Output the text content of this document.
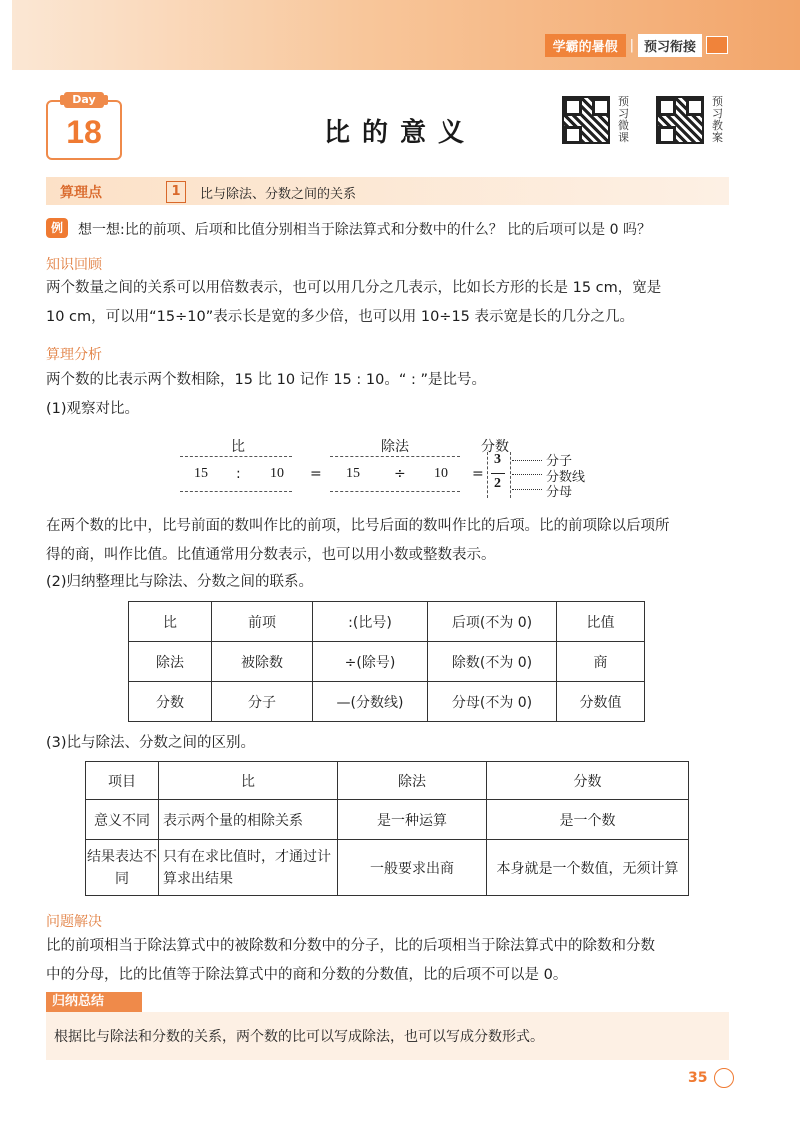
学霸的暑假 | 预习衔接
Day
18	比的意义
预习微课
预习教案
算理点	1	比与除法、分数之间的关系
例	想一想:比的前项、后项和比值分别相当于除法算式和分数中的什么？ 比的后项可以是 0 吗？
知识回顾
两个数量之间的关系可以用倍数表示，也可以用几分之几表示，比如长方形的长是 15 cm，宽是
10 cm，可以用“15÷10”表示长是宽的多少倍，也可以用 10÷15 表示宽是长的几分之几。
算理分析
两个数的比表示两个数相除，15 比 10 记作 15 : 10。“ : ”是比号。
(1)观察对比。
比	除法	分数
15 : 10 = 15 ÷ 10 =
3
2
分子
分数线
分母
在两个数的比中，比号前面的数叫作比的前项，比号后面的数叫作比的后项。比的前项除以后项所
得的商，叫作比值。比值通常用分数表示，也可以用小数或整数表示。
(2)归纳整理比与除法、分数之间的联系。
比	前项	:(比号)	后项(不为 0)	比值
除法	被除数	÷(除号)	除数(不为 0)	商
分数	分子	—(分数线)	分母(不为 0)	分数值
(3)比与除法、分数之间的区别。
项目	比	除法	分数
意义不同	表示两个量的相除关系	是一种运算	是一个数
结果表达不同	只有在求比值时，才通过计算求出结果	一般要求出商	本身就是一个数值，无须计算
问题解决
比的前项相当于除法算式中的被除数和分数中的分子，比的后项相当于除法算式中的除数和分数
中的分母，比的比值等于除法算式中的商和分数的分数值，比的后项不可以是 0。
归纳总结
根据比与除法和分数的关系，两个数的比可以写成除法，也可以写成分数形式。
35
